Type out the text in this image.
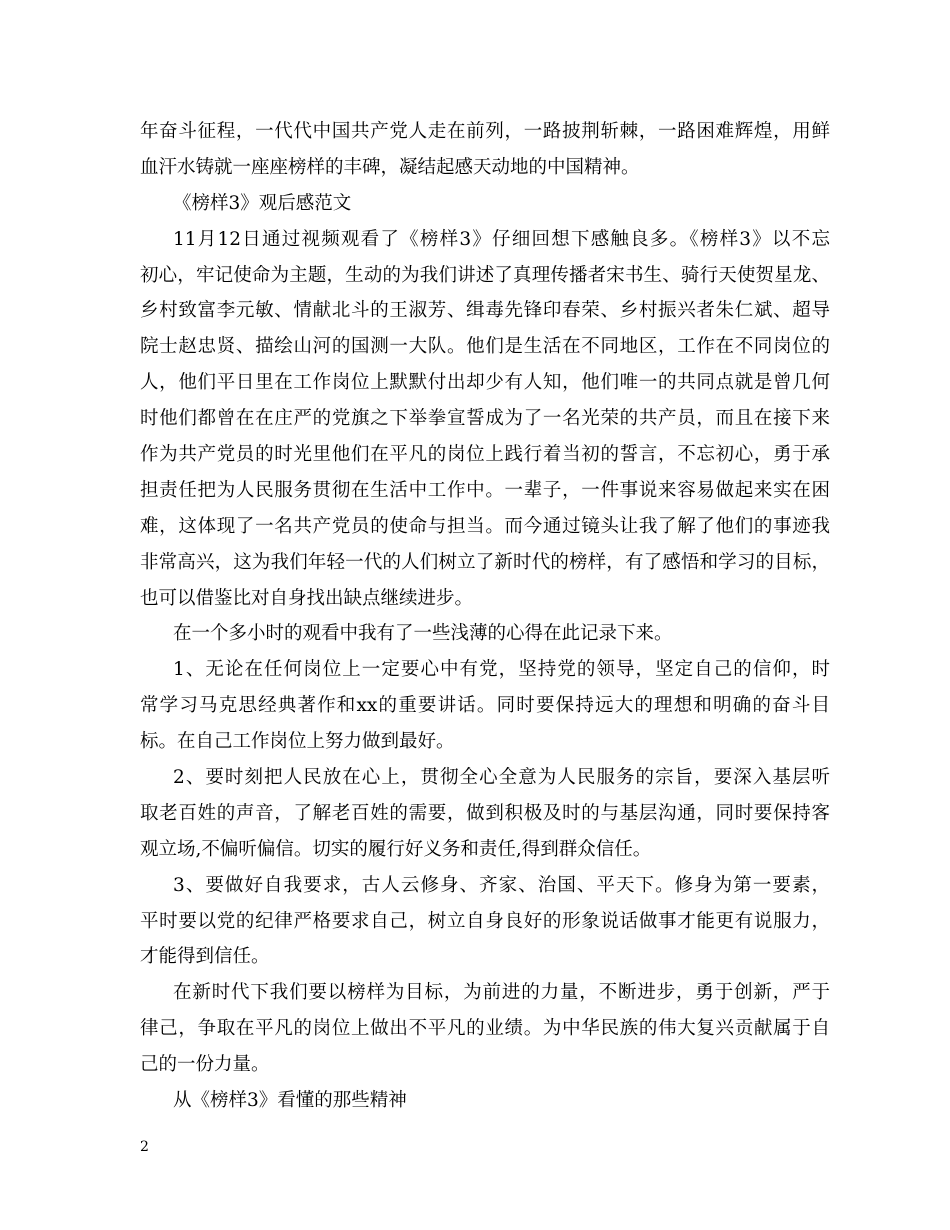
年奋斗征程，一代代中国共产党人走在前列，一路披荆斩棘，一路困难辉煌，用鲜
血汗水铸就一座座榜样的丰碑，凝结起感天动地的中国精神。
《榜样3》观后感范文
11月12日通过视频观看了《榜样3》仔细回想下感触良多。《榜样3》以不忘
初心，牢记使命为主题，生动的为我们讲述了真理传播者宋书生、骑行天使贺星龙、
乡村致富李元敏、情献北斗的王淑芳、缉毒先锋印春荣、乡村振兴者朱仁斌、超导
院士赵忠贤、描绘山河的国测一大队。他们是生活在不同地区，工作在不同岗位的
人，他们平日里在工作岗位上默默付出却少有人知，他们唯一的共同点就是曾几何
时他们都曾在在庄严的党旗之下举拳宣誓成为了一名光荣的共产员，而且在接下来
作为共产党员的时光里他们在平凡的岗位上践行着当初的誓言，不忘初心，勇于承
担责任把为人民服务贯彻在生活中工作中。一辈子，一件事说来容易做起来实在困
难，这体现了一名共产党员的使命与担当。而今通过镜头让我了解了他们的事迹我
非常高兴，这为我们年轻一代的人们树立了新时代的榜样，有了感悟和学习的目标，
也可以借鉴比对自身找出缺点继续进步。
在一个多小时的观看中我有了一些浅薄的心得在此记录下来。
1、无论在任何岗位上一定要心中有党，坚持党的领导，坚定自己的信仰，时
常学习马克思经典著作和xx的重要讲话。同时要保持远大的理想和明确的奋斗目
标。在自己工作岗位上努力做到最好。
2、要时刻把人民放在心上，贯彻全心全意为人民服务的宗旨，要深入基层听
取老百姓的声音，了解老百姓的需要，做到积极及时的与基层沟通，同时要保持客
观立场,不偏听偏信。切实的履行好义务和责任,得到群众信任。
3、要做好自我要求，古人云修身、齐家、治国、平天下。修身为第一要素，
平时要以党的纪律严格要求自己，树立自身良好的形象说话做事才能更有说服力，
才能得到信任。
在新时代下我们要以榜样为目标，为前进的力量，不断进步，勇于创新，严于
律己，争取在平凡的岗位上做出不平凡的业绩。为中华民族的伟大复兴贡献属于自
己的一份力量。
从《榜样3》看懂的那些精神
2
